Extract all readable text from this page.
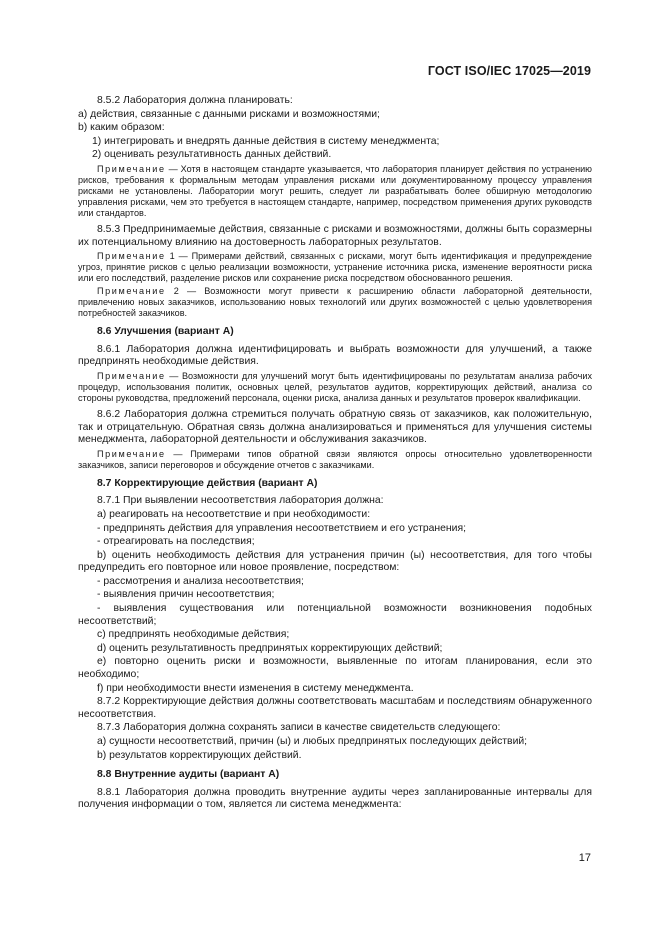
ГОСТ ISO/IEC 17025—2019
8.5.2 Лаборатория должна планировать:
a) действия, связанные с данными рисками и возможностями;
b) каким образом:
1) интегрировать и внедрять данные действия в систему менеджмента;
2) оценивать результативность данных действий.
Примечание — Хотя в настоящем стандарте указывается, что лаборатория планирует действия по устранению рисков, требования к формальным методам управления рисками или документированному процессу управления рисками не установлены. Лаборатории могут решить, следует ли разрабатывать более обширную методологию управления рисками, чем это требуется в настоящем стандарте, например, посредством применения других руководств или стандартов.
8.5.3 Предпринимаемые действия, связанные с рисками и возможностями, должны быть соразмерны их потенциальному влиянию на достоверность лабораторных результатов.
Примечание 1 — Примерами действий, связанных с рисками, могут быть идентификация и предупреждение угроз, принятие рисков с целью реализации возможности, устранение источника риска, изменение вероятности риска или его последствий, разделение рисков или сохранение риска посредством обоснованного решения.
Примечание 2 — Возможности могут привести к расширению области лабораторной деятельности, привлечению новых заказчиков, использованию новых технологий или других возможностей с целью удовлетворения потребностей заказчиков.
8.6 Улучшения (вариант А)
8.6.1 Лаборатория должна идентифицировать и выбрать возможности для улучшений, а также предпринять необходимые действия.
Примечание — Возможности для улучшений могут быть идентифицированы по результатам анализа рабочих процедур, использования политик, основных целей, результатов аудитов, корректирующих действий, анализа со стороны руководства, предложений персонала, оценки риска, анализа данных и результатов проверок квалификации.
8.6.2 Лаборатория должна стремиться получать обратную связь от заказчиков, как положительную, так и отрицательную. Обратная связь должна анализироваться и применяться для улучшения системы менеджмента, лабораторной деятельности и обслуживания заказчиков.
Примечание — Примерами типов обратной связи являются опросы относительно удовлетворенности заказчиков, записи переговоров и обсуждение отчетов с заказчиками.
8.7 Корректирующие действия (вариант А)
8.7.1 При выявлении несоответствия лаборатория должна:
a) реагировать на несоответствие и при необходимости:
- предпринять действия для управления несоответствием и его устранения;
- отреагировать на последствия;
b) оценить необходимость действия для устранения причин (ы) несоответствия, для того чтобы предупредить его повторное или новое проявление, посредством:
- рассмотрения и анализа несоответствия;
- выявления причин несоответствия;
- выявления существования или потенциальной возможности возникновения подобных несоответствий;
c) предпринять необходимые действия;
d) оценить результативность предпринятых корректирующих действий;
e) повторно оценить риски и возможности, выявленные по итогам планирования, если это необходимо;
f) при необходимости внести изменения в систему менеджмента.
8.7.2 Корректирующие действия должны соответствовать масштабам и последствиям обнаруженного несоответствия.
8.7.3 Лаборатория должна сохранять записи в качестве свидетельств следующего:
a) сущности несоответствий, причин (ы) и любых предпринятых последующих действий;
b) результатов корректирующих действий.
8.8 Внутренние аудиты (вариант А)
8.8.1 Лаборатория должна проводить внутренние аудиты через запланированные интервалы для получения информации о том, является ли система менеджмента:
17
